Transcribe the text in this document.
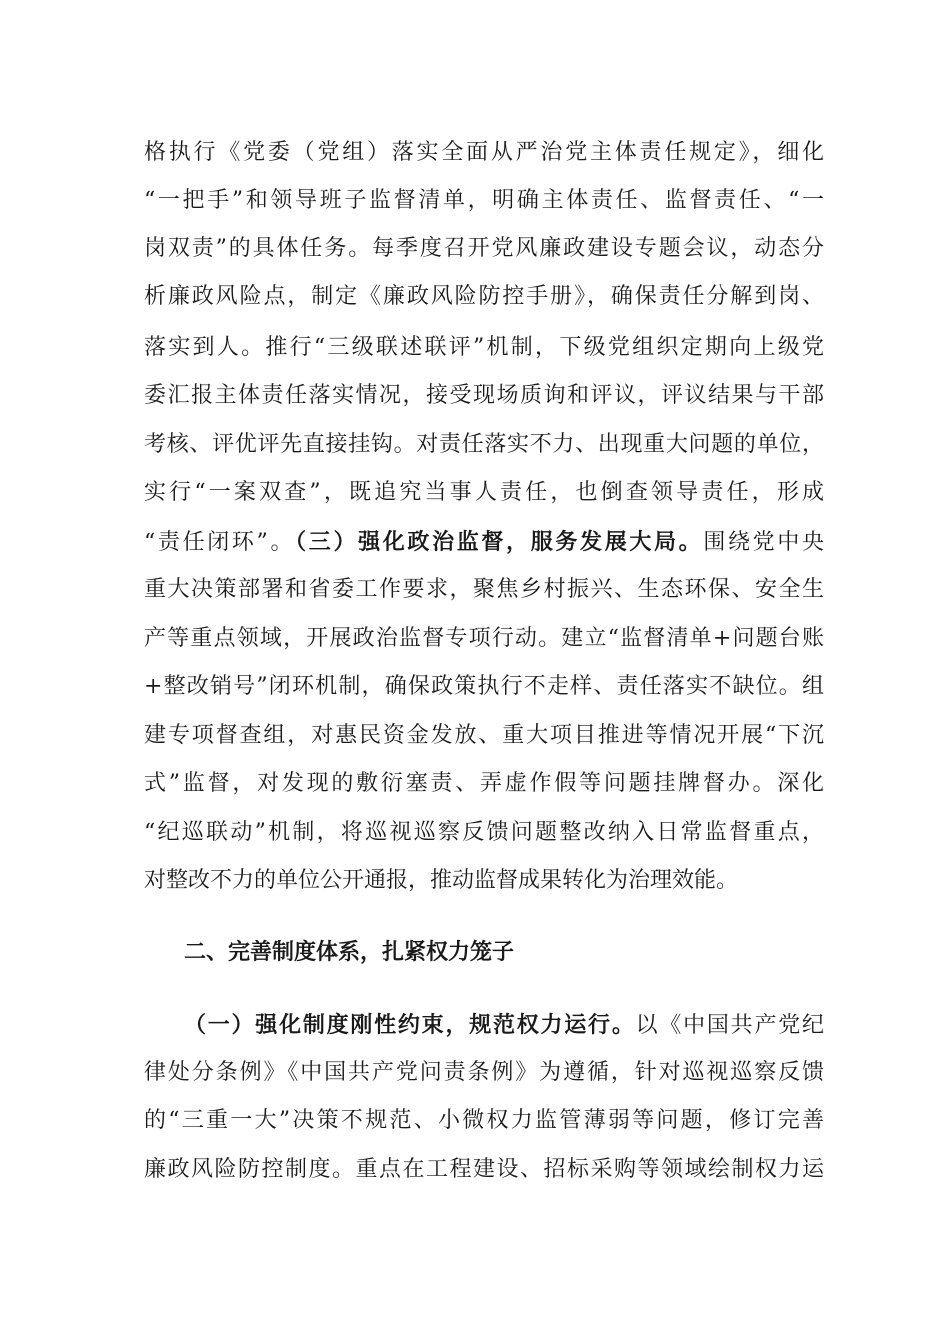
格执行《党委（党组）落实全面从严治党主体责任规定》，细化
“一把手”和领导班子监督清单，明确主体责任、监督责任、“一
岗双责”的具体任务。每季度召开党风廉政建设专题会议，动态分
析廉政风险点，制定《廉政风险防控手册》，确保责任分解到岗、
落实到人。推行“三级联述联评”机制，下级党组织定期向上级党
委汇报主体责任落实情况，接受现场质询和评议，评议结果与干部
考核、评优评先直接挂钩。对责任落实不力、出现重大问题的单位，
实行“一案双查”，既追究当事人责任，也倒查领导责任，形成
“责任闭环”。（三）强化政治监督，服务发展大局。围绕党中央
重大决策部署和省委工作要求，聚焦乡村振兴、生态环保、安全生
产等重点领域，开展政治监督专项行动。建立“监督清单+问题台账
+整改销号”闭环机制，确保政策执行不走样、责任落实不缺位。组
建专项督查组，对惠民资金发放、重大项目推进等情况开展“下沉
式”监督，对发现的敷衍塞责、弄虚作假等问题挂牌督办。深化
“纪巡联动”机制，将巡视巡察反馈问题整改纳入日常监督重点，
对整改不力的单位公开通报，推动监督成果转化为治理效能。
二、完善制度体系，扎紧权力笼子
（一）强化制度刚性约束，规范权力运行。以《中国共产党纪
律处分条例》《中国共产党问责条例》为遵循，针对巡视巡察反馈
的“三重一大”决策不规范、小微权力监管薄弱等问题，修订完善
廉政风险防控制度。重点在工程建设、招标采购等领域绘制权力运
